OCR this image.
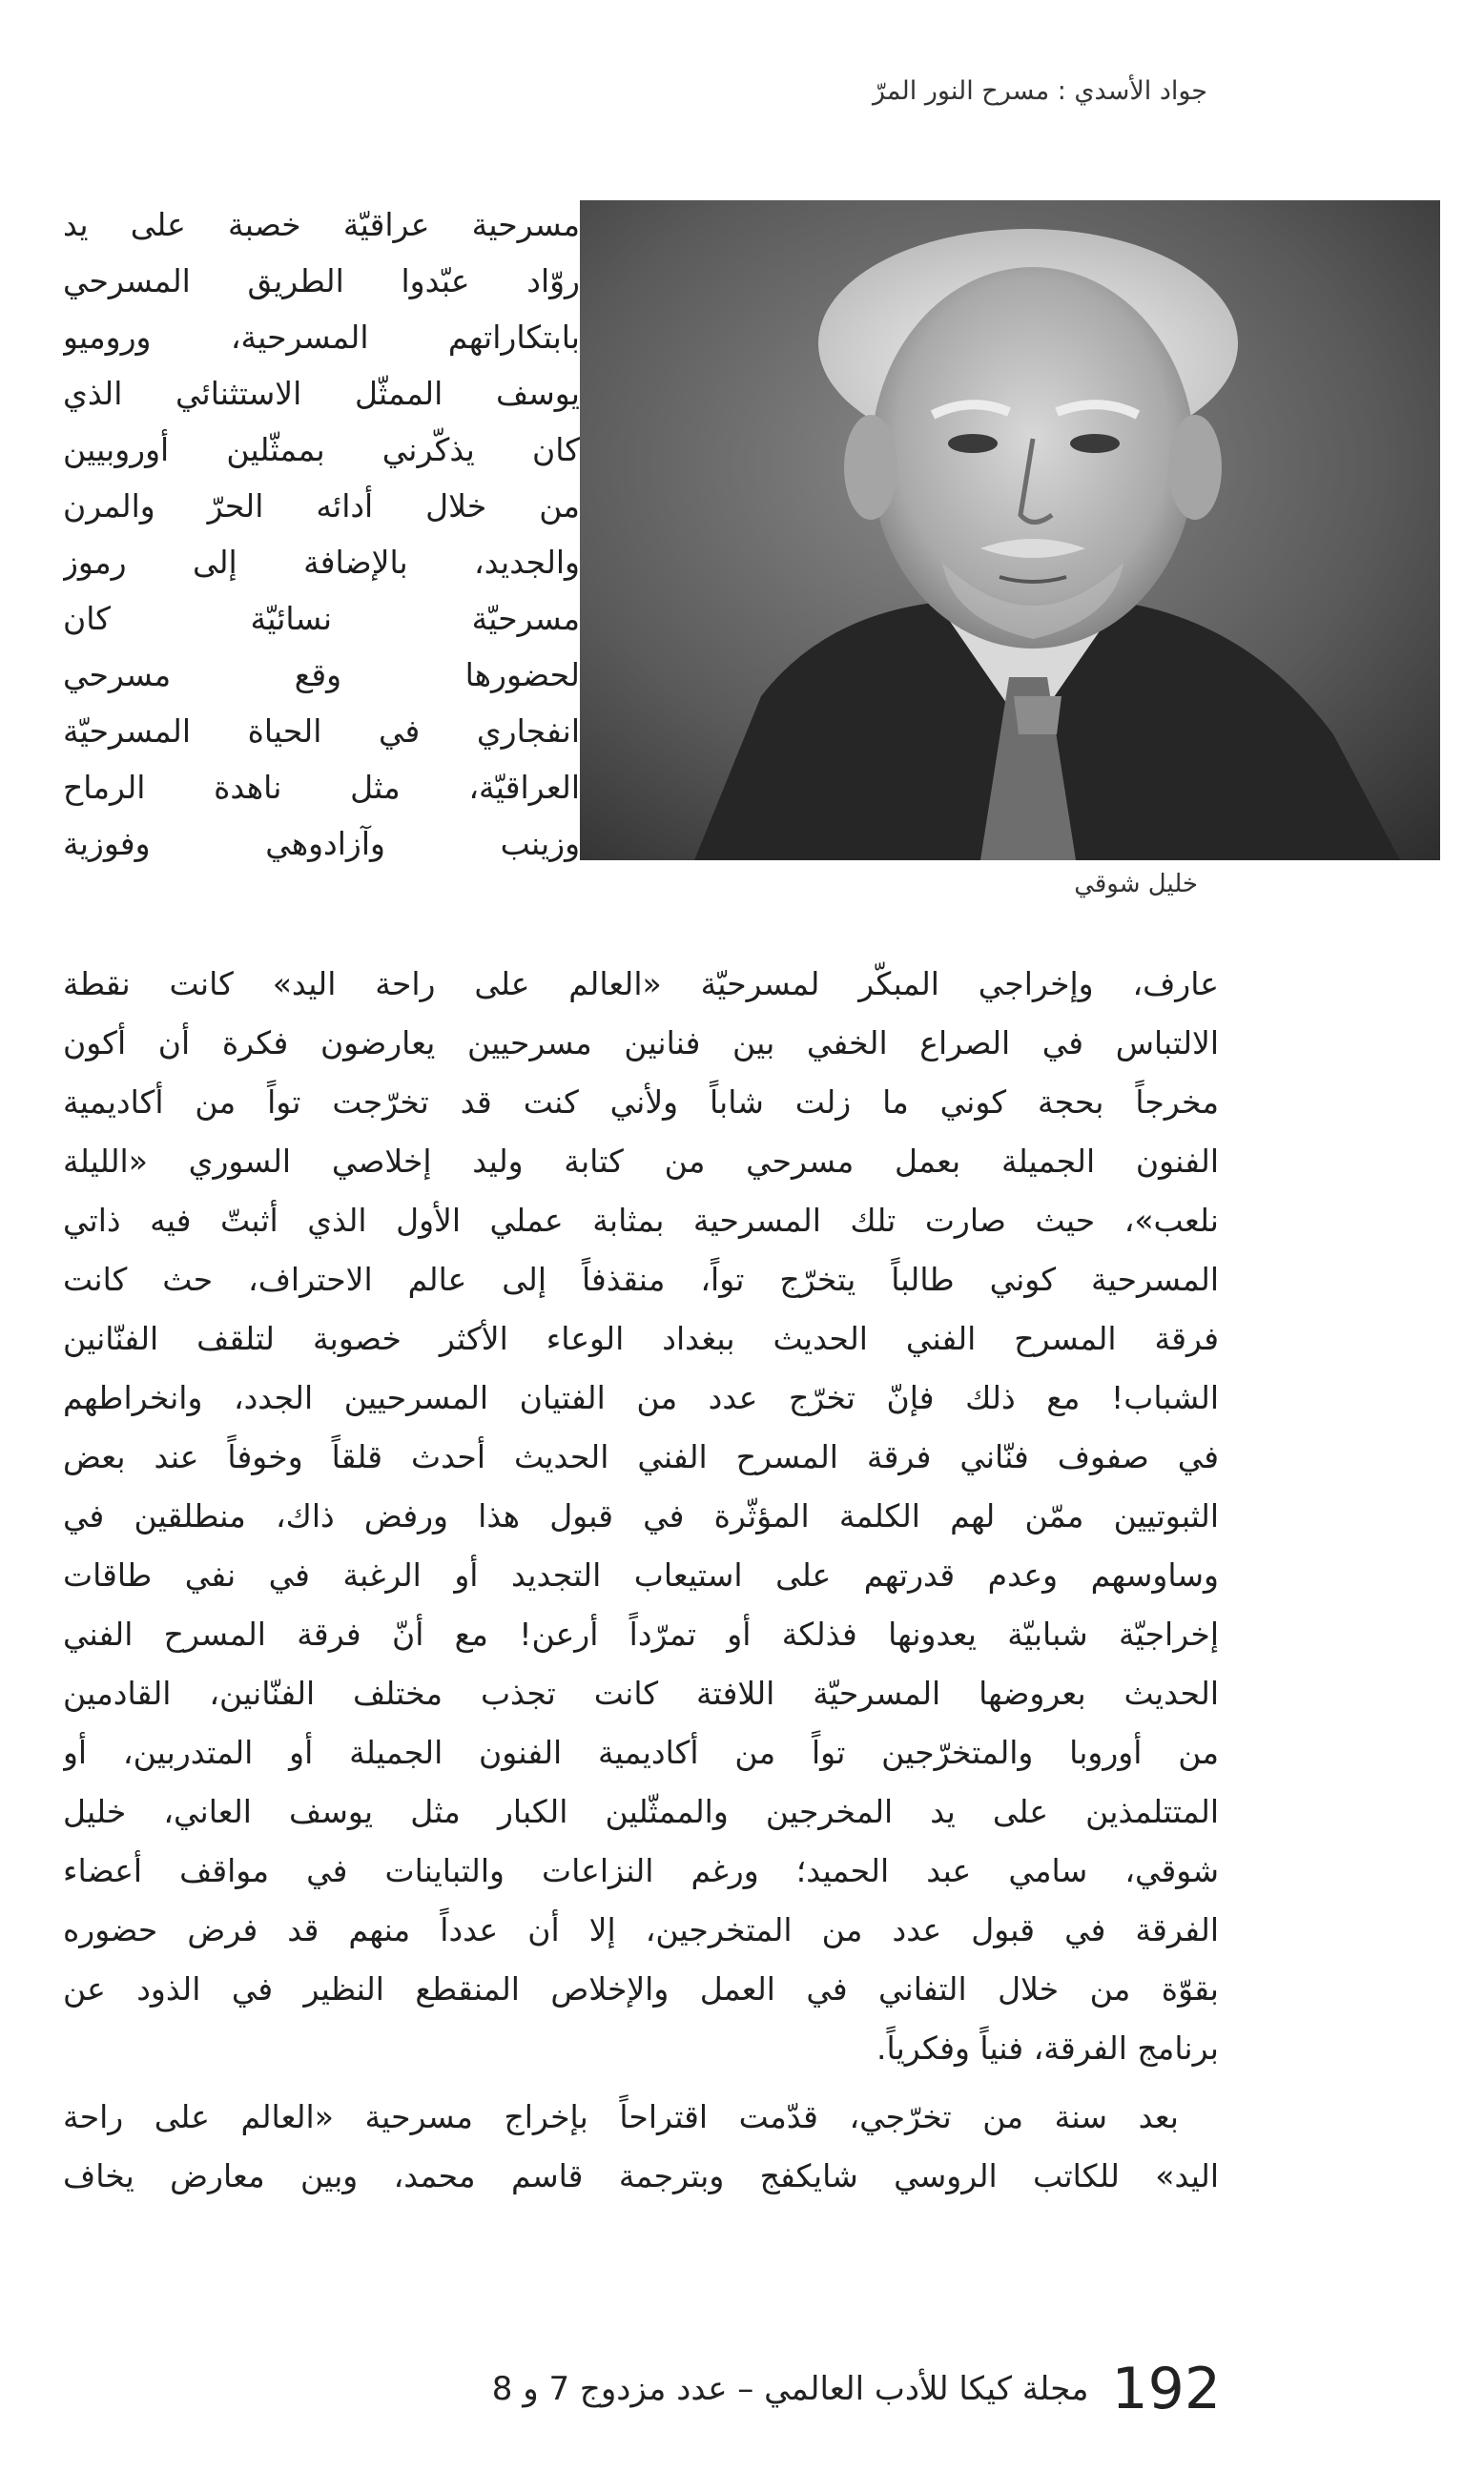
جواد الأسدي : مسرح النور المرّ
خليل شوقي
مسرحية عراقيّة خصبة على يد
روّاد عبّدوا الطريق المسرحي
بابتكاراتهم المسرحية، وروميو
يوسف الممثّل الاستثنائي الذي
كان يذكّرني بممثّلين أوروبيين
من خلال أدائه الحرّ والمرن
والجديد، بالإضافة إلى رموز
مسرحيّة نسائيّة كان
لحضورها وقع مسرحي
انفجاري في الحياة المسرحيّة
العراقيّة، مثل ناهدة الرماح
وزينب وآزادوهي وفوزية
عارف، وإخراجي المبكّر لمسرحيّة «العالم على راحة اليد» كانت نقطة
الالتباس في الصراع الخفي بين فنانين مسرحيين يعارضون فكرة أن أكون
مخرجاً بحجة كوني ما زلت شاباً ولأني كنت قد تخرّجت تواً من أكاديمية
الفنون الجميلة بعمل مسرحي من كتابة وليد إخلاصي السوري «الليلة
نلعب»، حيث صارت تلك المسرحية بمثابة عملي الأول الذي أثبتّ فيه ذاتي
المسرحية كوني طالباً يتخرّج تواً، منقذفاً إلى عالم الاحتراف، حث كانت
فرقة المسرح الفني الحديث ببغداد الوعاء الأكثر خصوبة لتلقف الفنّانين
الشباب! مع ذلك فإنّ تخرّج عدد من الفتيان المسرحيين الجدد، وانخراطهم
في صفوف فنّاني فرقة المسرح الفني الحديث أحدث قلقاً وخوفاً عند بعض
الثبوتيين ممّن لهم الكلمة المؤثّرة في قبول هذا ورفض ذاك، منطلقين في
وساوسهم وعدم قدرتهم على استيعاب التجديد أو الرغبة في نفي طاقات
إخراجيّة شبابيّة يعدونها فذلكة أو تمرّداً أرعن! مع أنّ فرقة المسرح الفني
الحديث بعروضها المسرحيّة اللافتة كانت تجذب مختلف الفنّانين، القادمين
من أوروبا والمتخرّجين تواً من أكاديمية الفنون الجميلة أو المتدربين، أو
المتتلمذين على يد المخرجين والممثّلين الكبار مثل يوسف العاني، خليل
شوقي، سامي عبد الحميد؛ ورغم النزاعات والتباينات في مواقف أعضاء
الفرقة في قبول عدد من المتخرجين، إلا أن عدداً منهم قد فرض حضوره
بقوّة من خلال التفاني في العمل والإخلاص المنقطع النظير في الذود عن
برنامج الفرقة، فنياً وفكرياً.
بعد سنة من تخرّجي، قدّمت اقتراحاً بإخراج مسرحية «العالم على راحة
اليد» للكاتب الروسي شايكفج وبترجمة قاسم محمد، وبين معارض يخاف
192
مجلة كيكا للأدب العالمي – عدد مزدوج 7 و 8
